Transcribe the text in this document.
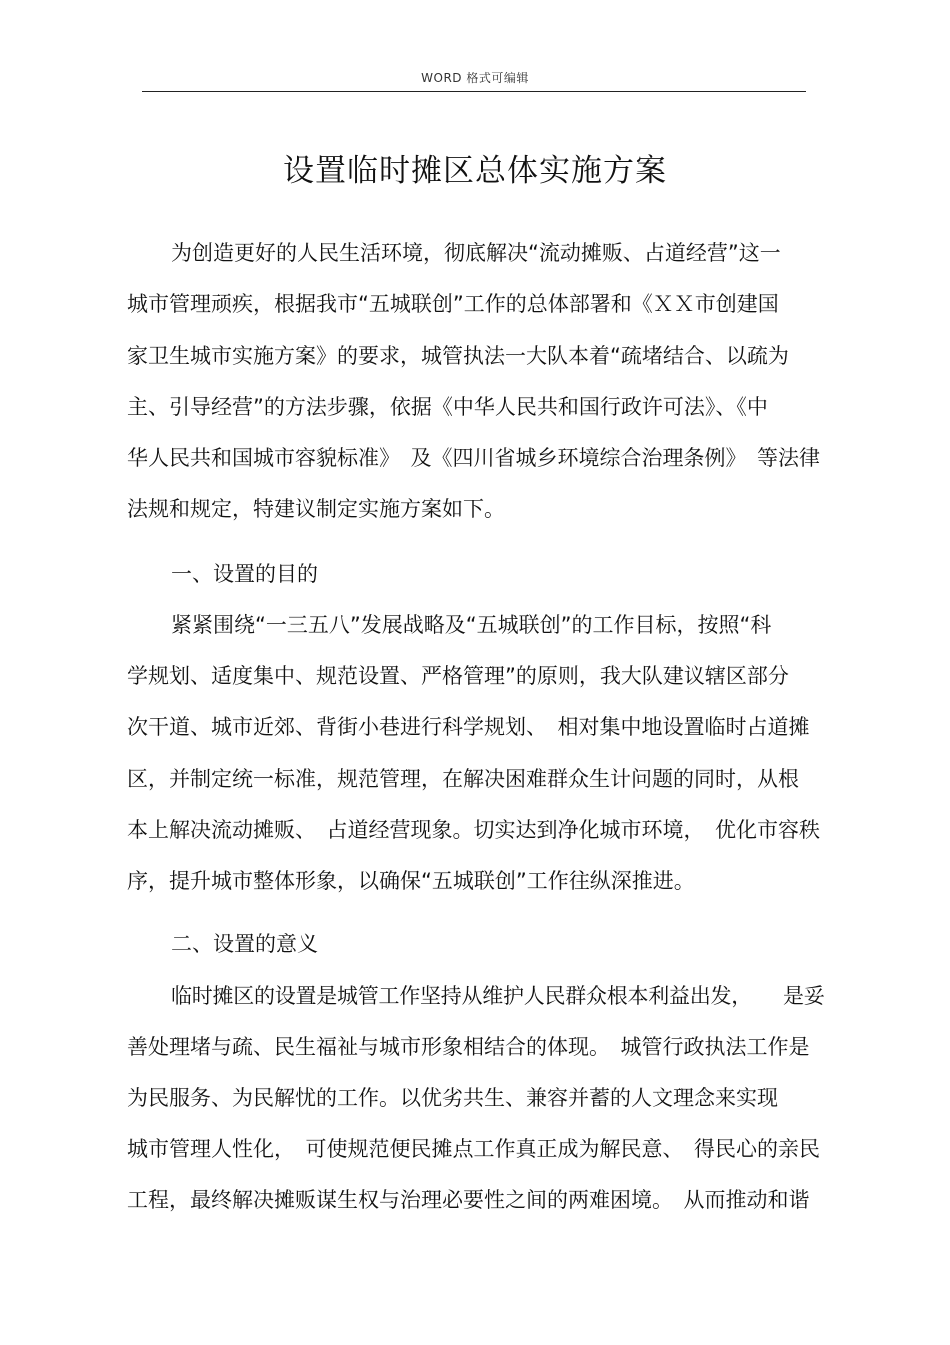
WORD 格式可编辑
设置临时摊区总体实施方案
为创造更好的人民生活环境，彻底解决“流动摊贩、占道经营”这一
城市管理顽疾，根据我市“五城联创”工作的总体部署和《ＸＸ市创建国
家卫生城市实施方案》的要求，城管执法一大队本着“疏堵结合、以疏为
主、引导经营”的方法步骤，依据《中华人民共和国行政许可法》、《中
华人民共和国城市容貌标准》　及《四川省城乡环境综合治理条例》　等法律
法规和规定，特建议制定实施方案如下。
一、设置的目的
紧紧围绕“一三五八”发展战略及“五城联创”的工作目标，按照“科
学规划、适度集中、规范设置、严格管理”的原则，我大队建议辖区部分
次干道、城市近郊、背街小巷进行科学规划、　相对集中地设置临时占道摊
区，并制定统一标准，规范管理，在解决困难群众生计问题的同时，从根
本上解决流动摊贩、　占道经营现象。切实达到净化城市环境，　优化市容秩
序，提升城市整体形象，以确保“五城联创”工作往纵深推进。
二、设置的意义
临时摊区的设置是城管工作坚持从维护人民群众根本利益出发，　　是妥
善处理堵与疏、民生福祉与城市形象相结合的体现。　城管行政执法工作是
为民服务、为民解忧的工作。以优劣共生、兼容并蓄的人文理念来实现
城市管理人性化，　可使规范便民摊点工作真正成为解民意、　得民心的亲民
工程，最终解决摊贩谋生权与治理必要性之间的两难困境。　从而推动和谐
